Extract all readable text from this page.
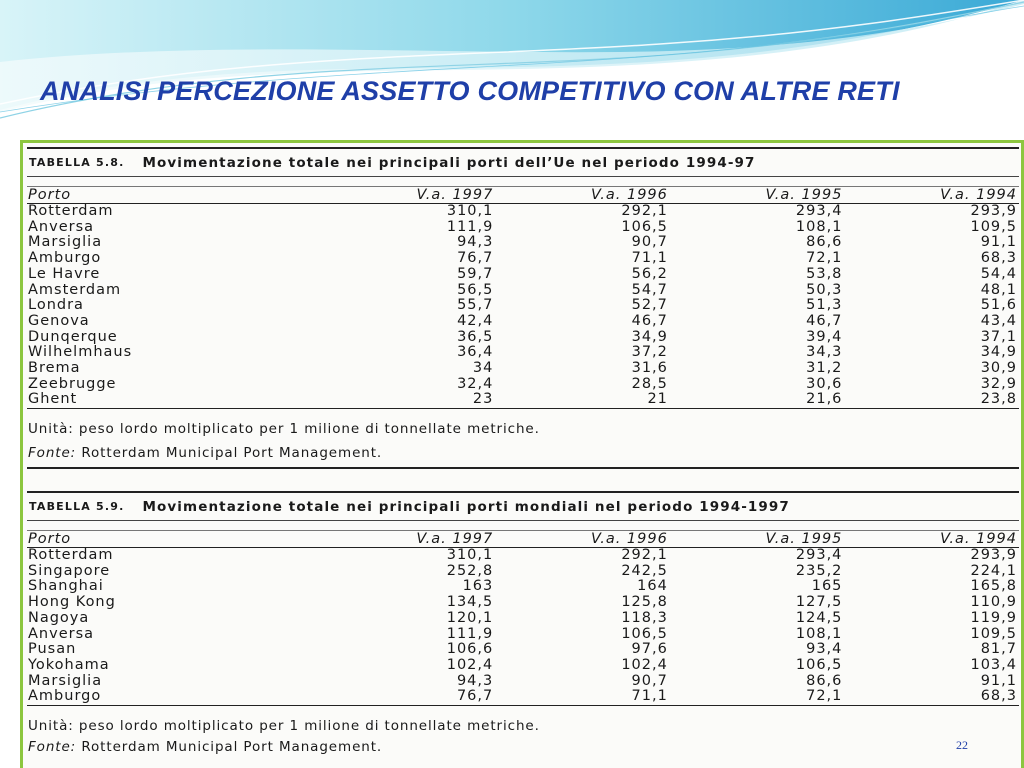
ANALISI PERCEZIONE ASSETTO COMPETITIVO CON ALTRE RETI
TABELLA 5.8. Movimentazione totale nei principali porti dell’Ue nel periodo 1994-97
Porto	V.a. 1997	V.a. 1996	V.a. 1995	V.a. 1994
Rotterdam	310,1	292,1	293,4	293,9
Anversa	111,9	106,5	108,1	109,5
Marsiglia	94,3	90,7	86,6	91,1
Amburgo	76,7	71,1	72,1	68,3
Le Havre	59,7	56,2	53,8	54,4
Amsterdam	56,5	54,7	50,3	48,1
Londra	55,7	52,7	51,3	51,6
Genova	42,4	46,7	46,7	43,4
Dunqerque	36,5	34,9	39,4	37,1
Wilhelmhaus	36,4	37,2	34,3	34,9
Brema	34	31,6	31,2	30,9
Zeebrugge	32,4	28,5	30,6	32,9
Ghent	23	21	21,6	23,8
Unità: peso lordo moltiplicato per 1 milione di tonnellate metriche.
Fonte: Rotterdam Municipal Port Management.
TABELLA 5.9. Movimentazione totale nei principali porti mondiali nel periodo 1994-1997
Porto	V.a. 1997	V.a. 1996	V.a. 1995	V.a. 1994
Rotterdam	310,1	292,1	293,4	293,9
Singapore	252,8	242,5	235,2	224,1
Shanghai	163	164	165	165,8
Hong Kong	134,5	125,8	127,5	110,9
Nagoya	120,1	118,3	124,5	119,9
Anversa	111,9	106,5	108,1	109,5
Pusan	106,6	97,6	93,4	81,7
Yokohama	102,4	102,4	106,5	103,4
Marsiglia	94,3	90,7	86,6	91,1
Amburgo	76,7	71,1	72,1	68,3
Unità: peso lordo moltiplicato per 1 milione di tonnellate metriche.
Fonte: Rotterdam Municipal Port Management.	22
